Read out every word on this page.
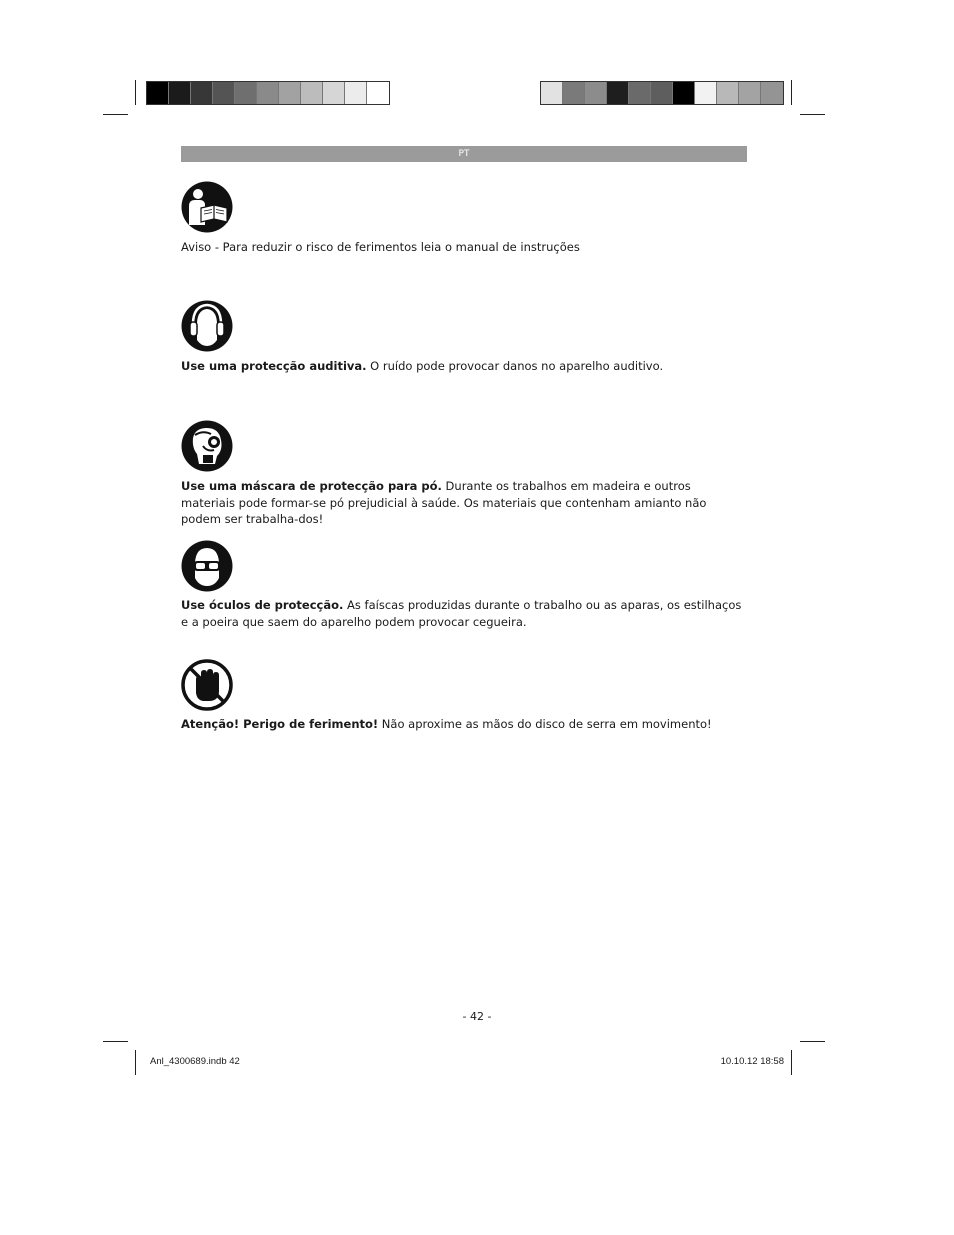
PT

Aviso - Para reduzir o risco de ferimentos leia o manual de instruções

Use uma protecção auditiva. O ruído pode provocar danos no aparelho auditivo.

Use uma máscara de protecção para pó. Durante os trabalhos em madeira e outros materiais pode formar-se pó prejudicial à saúde. Os materiais que contenham amianto não podem ser trabalha-dos!

Use óculos de protecção. As faíscas produzidas durante o trabalho ou as aparas, os estilhaços e a poeira que saem do aparelho podem provocar cegueira.

Atenção! Perigo de ferimento! Não aproxime as mãos do disco de serra em movimento!

- 42 -
Anl_4300689.indb 42	10.10.12 18:58
